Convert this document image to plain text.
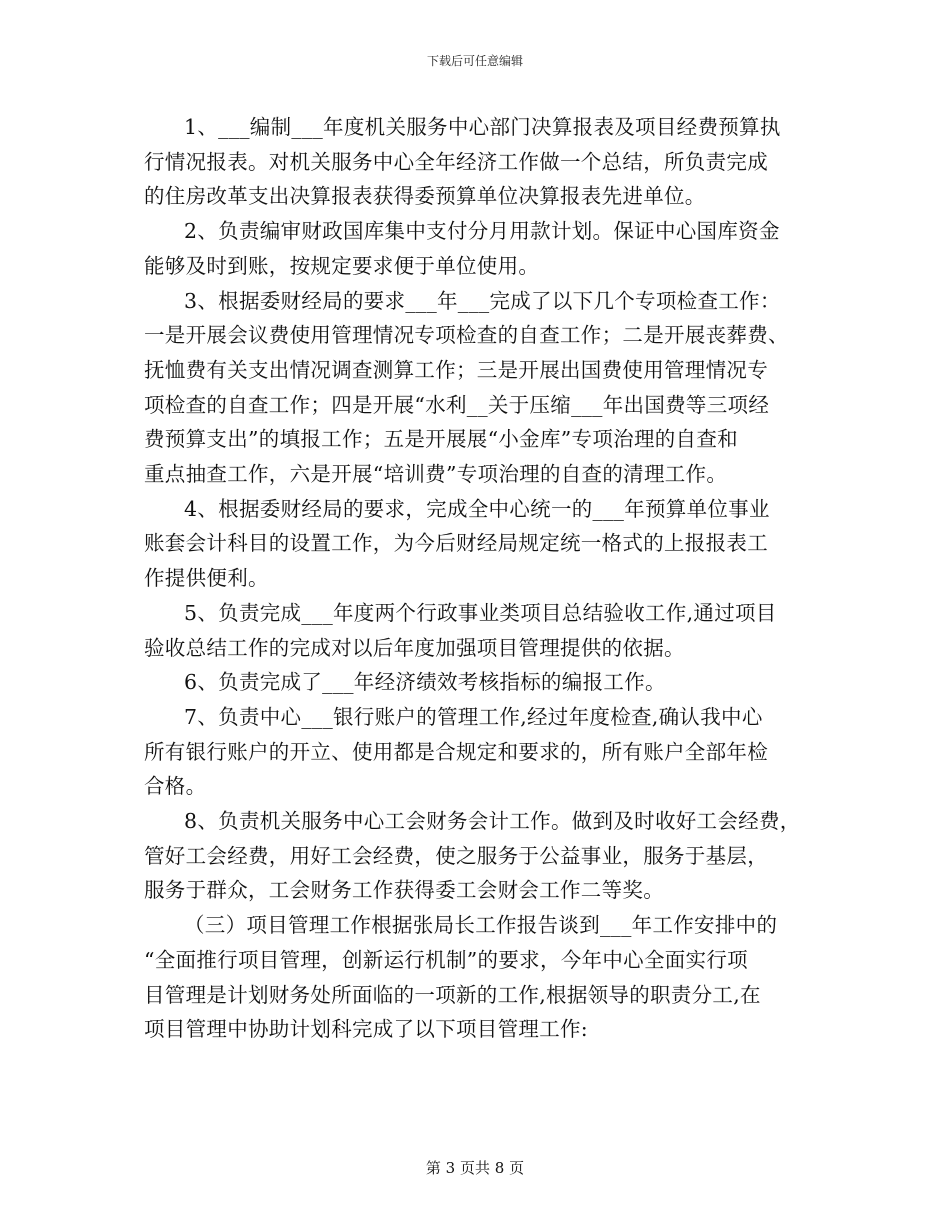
下载后可任意编辑
1、___编制___年度机关服务中心部门决算报表及项目经费预算执
行情况报表。对机关服务中心全年经济工作做一个总结，所负责完成
的住房改革支出决算报表获得委预算单位决算报表先进单位。
2、负责编审财政国库集中支付分月用款计划。保证中心国库资金
能够及时到账，按规定要求便于单位使用。
3、根据委财经局的要求___年___完成了以下几个专项检查工作：
一是开展会议费使用管理情况专项检查的自查工作；二是开展丧葬费、
抚恤费有关支出情况调查测算工作；三是开展出国费使用管理情况专
项检查的自查工作；四是开展“水利__关于压缩___年出国费等三项经
费预算支出”的填报工作；五是开展展“小金库”专项治理的自查和
重点抽查工作，六是开展“培训费”专项治理的自查的清理工作。
4、根据委财经局的要求，完成全中心统一的___年预算单位事业
账套会计科目的设置工作，为今后财经局规定统一格式的上报报表工
作提供便利。
5、负责完成___年度两个行政事业类项目总结验收工作,通过项目
验收总结工作的完成对以后年度加强项目管理提供的依据。
6、负责完成了___年经济绩效考核指标的编报工作。
7、负责中心___银行账户的管理工作,经过年度检查,确认我中心
所有银行账户的开立、使用都是合规定和要求的，所有账户全部年检
合格。
8、负责机关服务中心工会财务会计工作。做到及时收好工会经费，
管好工会经费，用好工会经费，使之服务于公益事业，服务于基层，
服务于群众，工会财务工作获得委工会财会工作二等奖。
（三）项目管理工作根据张局长工作报告谈到___年工作安排中的
“全面推行项目管理，创新运行机制”的要求，今年中心全面实行项
目管理是计划财务处所面临的一项新的工作,根据领导的职责分工,在
项目管理中协助计划科完成了以下项目管理工作:
第 3 页共 8 页
